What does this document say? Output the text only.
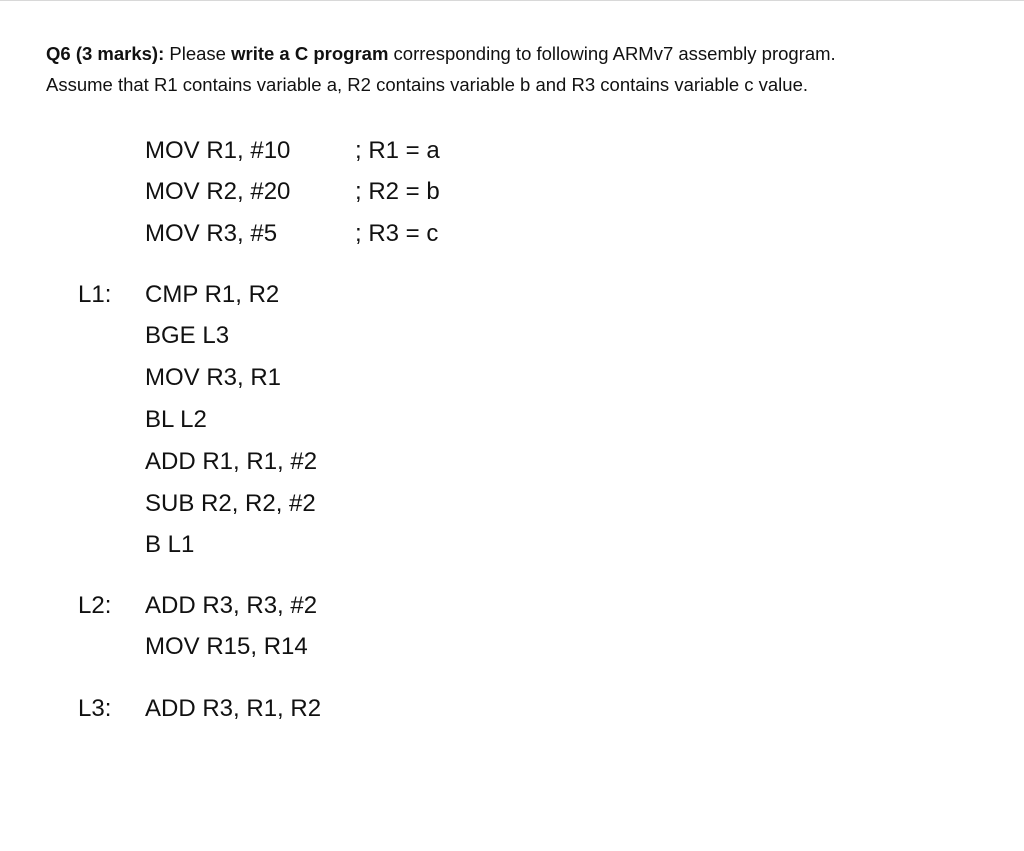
Q6 (3 marks): Please write a C program corresponding to following ARMv7 assembly program.
Assume that R1 contains variable a, R2 contains variable b and R3 contains variable c value.
MOV R1, #10	; R1 = a
MOV R2, #20	; R2 = b
MOV R3, #5	; R3 = c
L1: CMP R1, R2
BGE L3
MOV R3, R1
BL L2
ADD R1, R1, #2
SUB R2, R2, #2
B L1
L2: ADD R3, R3, #2
MOV R15, R14
L3: ADD R3, R1, R2
